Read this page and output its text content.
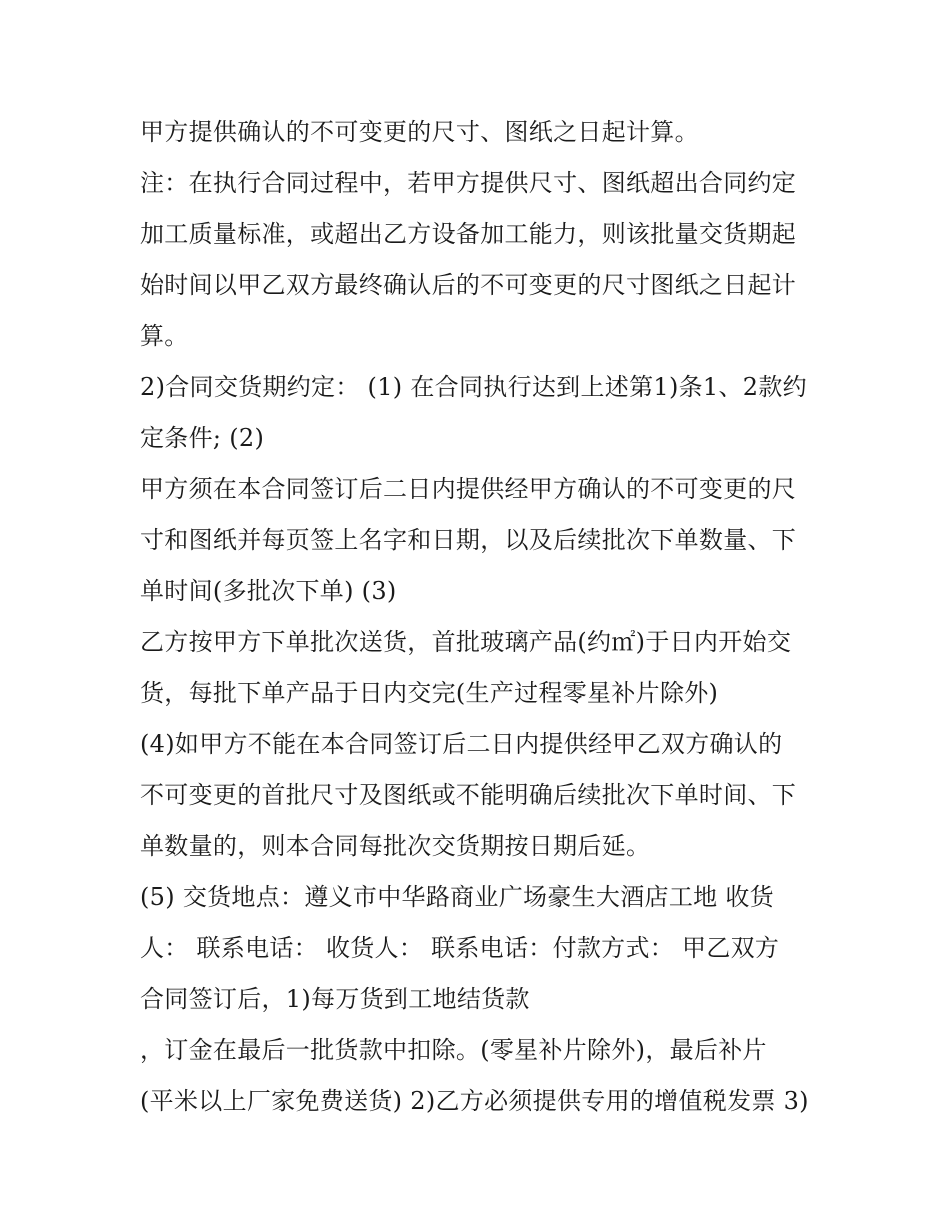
甲方提供确认的不可变更的尺寸、图纸之日起计算。
注：在执行合同过程中，若甲方提供尺寸、图纸超出合同约定
加工质量标准，或超出乙方设备加工能力，则该批量交货期起
始时间以甲乙双方最终确认后的不可变更的尺寸图纸之日起计
算。
2)合同交货期约定： (1) 在合同执行达到上述第1)条1、2款约
定条件; (2)
甲方须在本合同签订后二日内提供经甲方确认的不可变更的尺
寸和图纸并每页签上名字和日期，以及后续批次下单数量、下
单时间(多批次下单) (3)
乙方按甲方下单批次送货，首批玻璃产品(约㎡)于日内开始交
货，每批下单产品于日内交完(生产过程零星补片除外)
(4)如甲方不能在本合同签订后二日内提供经甲乙双方确认的
不可变更的首批尺寸及图纸或不能明确后续批次下单时间、下
单数量的，则本合同每批次交货期按日期后延。
(5) 交货地点：遵义市中华路商业广场豪生大酒店工地 收货
人： 联系电话： 收货人： 联系电话：付款方式： 甲乙双方
合同签订后，1)每万货到工地结货款
，订金在最后一批货款中扣除。(零星补片除外)，最后补片
(平米以上厂家免费送货) 2)乙方必须提供专用的增值税发票 3)
